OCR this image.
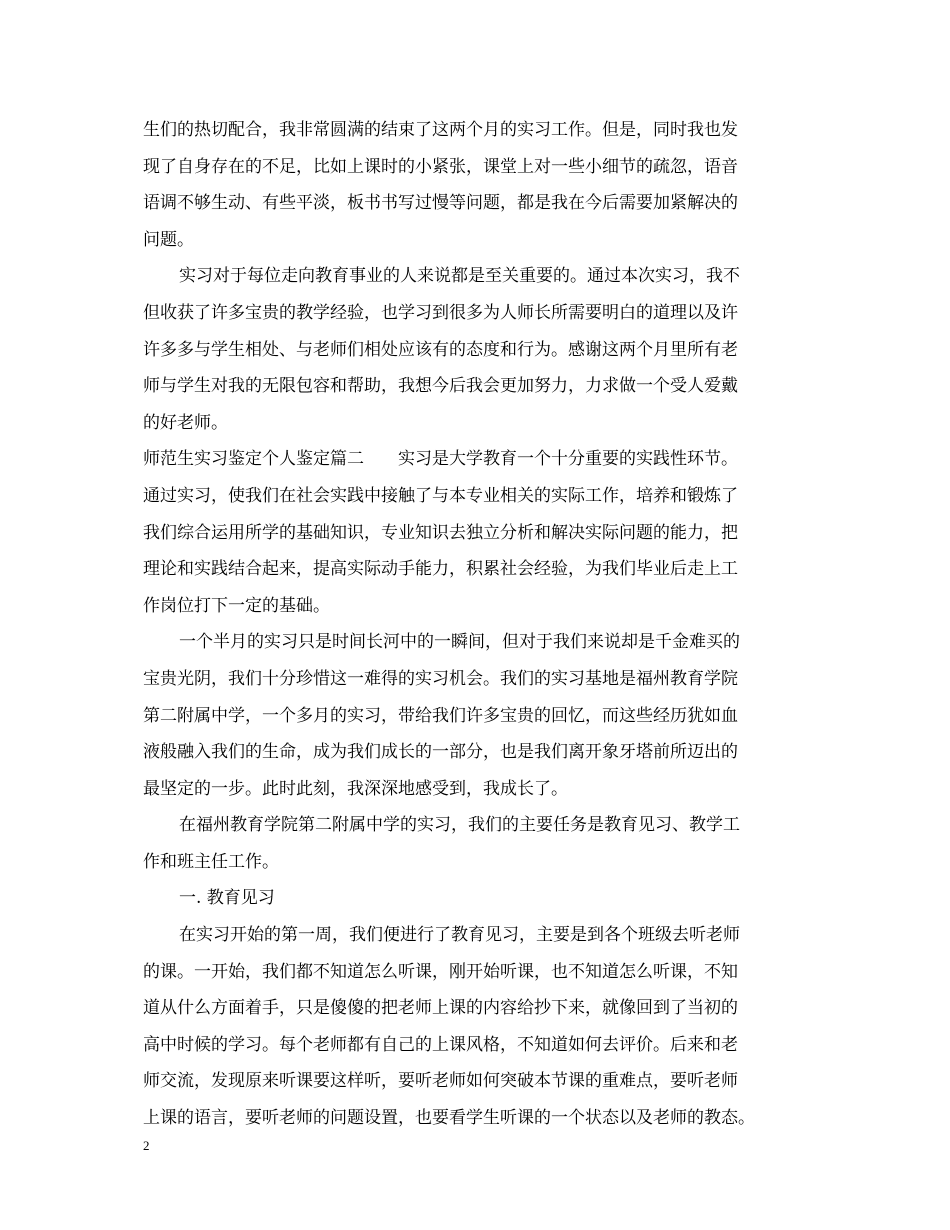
生们的热切配合，我非常圆满的结束了这两个月的实习工作。但是，同时我也发
现了自身存在的不足，比如上课时的小紧张，课堂上对一些小细节的疏忽，语音
语调不够生动、有些平淡，板书书写过慢等问题，都是我在今后需要加紧解决的
问题。
实习对于每位走向教育事业的人来说都是至关重要的。通过本次实习，我不
但收获了许多宝贵的教学经验，也学习到很多为人师长所需要明白的道理以及许
许多多与学生相处、与老师们相处应该有的态度和行为。感谢这两个月里所有老
师与学生对我的无限包容和帮助，我想今后我会更加努力，力求做一个受人爱戴
的好老师。
师范生实习鉴定个人鉴定篇二　　实习是大学教育一个十分重要的实践性环节。
通过实习，使我们在社会实践中接触了与本专业相关的实际工作，培养和锻炼了
我们综合运用所学的基础知识，专业知识去独立分析和解决实际问题的能力，把
理论和实践结合起来，提高实际动手能力，积累社会经验，为我们毕业后走上工
作岗位打下一定的基础。
一个半月的实习只是时间长河中的一瞬间，但对于我们来说却是千金难买的
宝贵光阴，我们十分珍惜这一难得的实习机会。我们的实习基地是福州教育学院
第二附属中学，一个多月的实习，带给我们许多宝贵的回忆，而这些经历犹如血
液般融入我们的生命，成为我们成长的一部分，也是我们离开象牙塔前所迈出的
最坚定的一步。此时此刻，我深深地感受到，我成长了。
在福州教育学院第二附属中学的实习，我们的主要任务是教育见习、教学工
作和班主任工作。
一. 教育见习
在实习开始的第一周，我们便进行了教育见习，主要是到各个班级去听老师
的课。一开始，我们都不知道怎么听课，刚开始听课，也不知道怎么听课，不知
道从什么方面着手，只是傻傻的把老师上课的内容给抄下来，就像回到了当初的
高中时候的学习。每个老师都有自己的上课风格，不知道如何去评价。后来和老
师交流，发现原来听课要这样听，要听老师如何突破本节课的重难点，要听老师
上课的语言，要听老师的问题设置，也要看学生听课的一个状态以及老师的教态。
2
